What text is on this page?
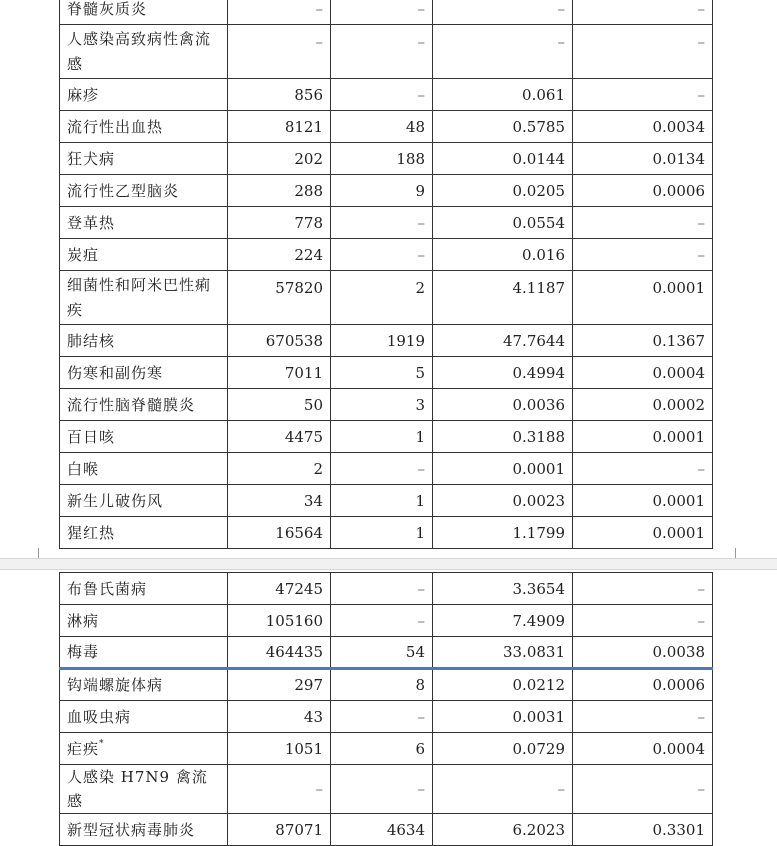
脊髓灰质炎	–	–	–	–
人感染高致病性禽流感	–	–	–	–
麻疹	856	–	0.061	–
流行性出血热	8121	48	0.5785	0.0034
狂犬病	202	188	0.0144	0.0134
流行性乙型脑炎	288	9	0.0205	0.0006
登革热	778	–	0.0554	–
炭疽	224	–	0.016	–
细菌性和阿米巴性痢疾	57820	2	4.1187	0.0001
肺结核	670538	1919	47.7644	0.1367
伤寒和副伤寒	7011	5	0.4994	0.0004
流行性脑脊髓膜炎	50	3	0.0036	0.0002
百日咳	4475	1	0.3188	0.0001
白喉	2	–	0.0001	–
新生儿破伤风	34	1	0.0023	0.0001
猩红热	16564	1	1.1799	0.0001
布鲁氏菌病	47245	–	3.3654	–
淋病	105160	–	7.4909	–
梅毒	464435	54	33.0831	0.0038
钩端螺旋体病	297	8	0.0212	0.0006
血吸虫病	43	–	0.0031	–
疟疾*	1051	6	0.0729	0.0004
人感染 H7N9 禽流感	–	–	–	–
新型冠状病毒肺炎	87071	4634	6.2023	0.3301
